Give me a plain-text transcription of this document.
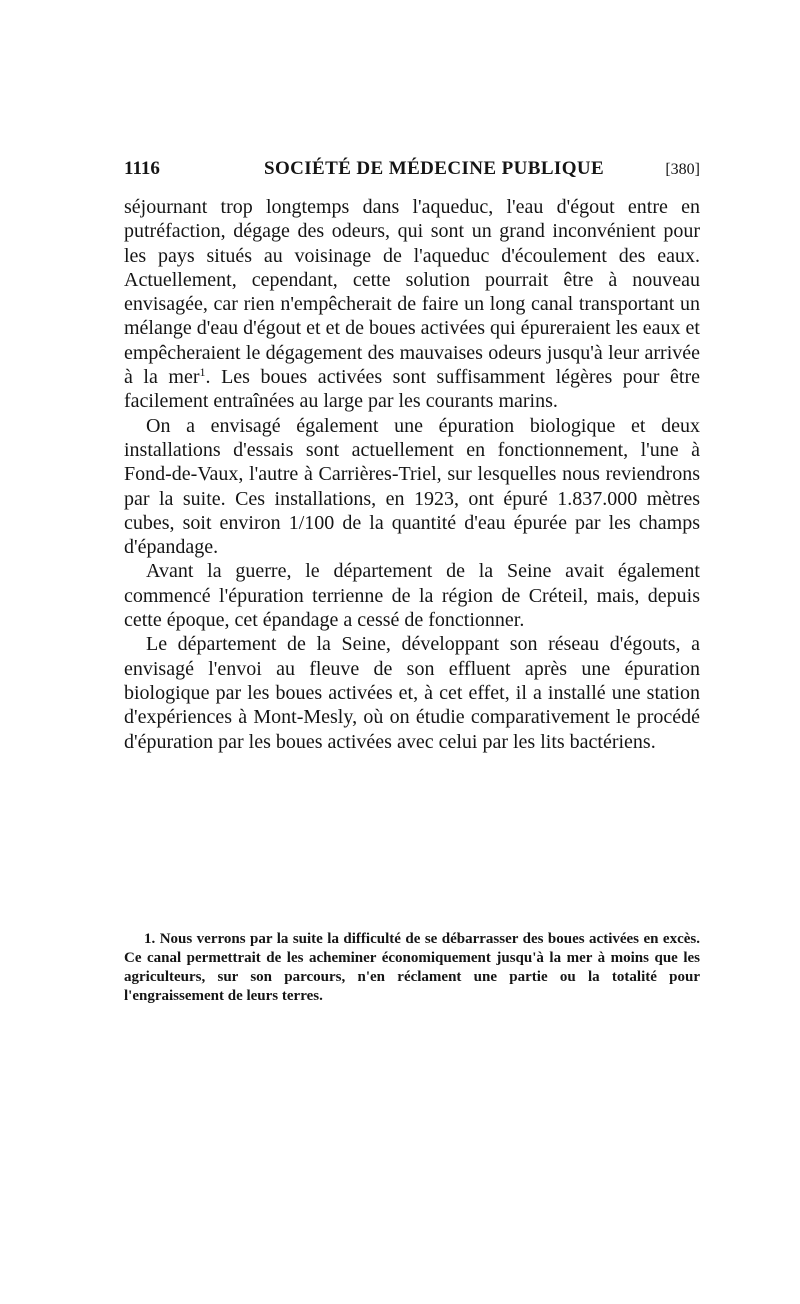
1116	SOCIÉTÉ DE MÉDECINE PUBLIQUE	[380]

séjournant trop longtemps dans l'aqueduc, l'eau d'égout entre en putréfaction, dégage des odeurs, qui sont un grand inconvénient pour les pays situés au voisinage de l'aqueduc d'écoulement des eaux. Actuellement, cependant, cette solution pourrait être à nouveau envisagée, car rien n'empêcherait de faire un long canal transportant un mélange d'eau d'égout et et de boues activées qui épureraient les eaux et empêcheraient le dégagement des mauvaises odeurs jusqu'à leur arrivée à la mer$^1$. Les boues activées sont suffisamment légères pour être facilement entraînées au large par les courants marins.

On a envisagé également une épuration biologique et deux installations d'essais sont actuellement en fonctionnement, l'une à Fond-de-Vaux, l'autre à Carrières-Triel, sur lesquelles nous reviendrons par la suite. Ces installations, en 1923, ont épuré 1.837.000 mètres cubes, soit environ 1/100 de la quantité d'eau épurée par les champs d'épandage.

Avant la guerre, le département de la Seine avait également commencé l'épuration terrienne de la région de Créteil, mais, depuis cette époque, cet épandage a cessé de fonctionner.

Le département de la Seine, développant son réseau d'égouts, a envisagé l'envoi au fleuve de son effluent après une épuration biologique par les boues activées et, à cet effet, il a installé une station d'expériences à Mont-Mesly, où on étudie comparativement le procédé d'épuration par les boues activées avec celui par les lits bactériens.

1. Nous verrons par la suite la difficulté de se débarrasser des boues activées en excès. Ce canal permettrait de les acheminer économiquement jusqu'à la mer à moins que les agriculteurs, sur son parcours, n'en réclament une partie ou la totalité pour l'engraissement de leurs terres.
